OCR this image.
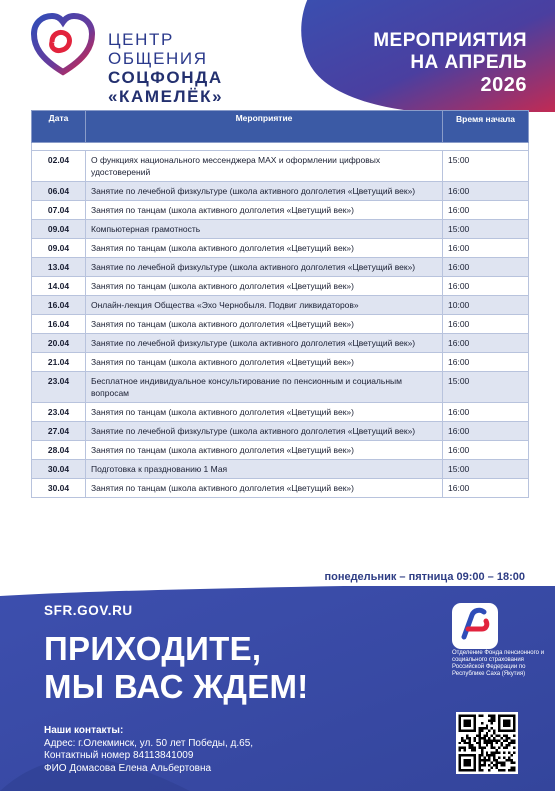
ЦЕНТР
ОБЩЕНИЯ
СОЦФОНДА
«КАМЕЛЁК»
МЕРОПРИЯТИЯ
НА АПРЕЛЬ
2026
Дата	Мероприятие	Время начала

02.04	О функциях национального мессенджера MAX и оформлении цифровых удостоверений	15:00
06.04	Занятие по лечебной физкультуре (школа активного долголетия «Цветущий век»)	16:00
07.04	Занятия по танцам (школа активного долголетия «Цветущий век»)	16:00
09.04	Компьютерная грамотность	15:00
09.04	Занятия по танцам (школа активного долголетия «Цветущий век»)	16:00
13.04	Занятие по лечебной физкультуре (школа активного долголетия «Цветущий век»)	16:00
14.04	Занятия по танцам (школа активного долголетия «Цветущий век»)	16:00
16.04	Онлайн-лекция Общества «Эхо Чернобыля. Подвиг ликвидаторов»	10:00
16.04	Занятия по танцам (школа активного долголетия «Цветущий век»)	16:00
20.04	Занятие по лечебной физкультуре (школа активного долголетия «Цветущий век»)	16:00
21.04	Занятия по танцам (школа активного долголетия «Цветущий век»)	16:00
23.04	Бесплатное индивидуальное консультирование по пенсионным и социальным вопросам	15:00
23.04	Занятия по танцам (школа активного долголетия «Цветущий век»)	16:00
27.04	Занятие по лечебной физкультуре (школа активного долголетия «Цветущий век»)	16:00
28.04	Занятия по танцам (школа активного долголетия «Цветущий век»)	16:00
30.04	Подготовка к празднованию 1 Мая	15:00
30.04	Занятия по танцам (школа активного долголетия «Цветущий век»)	16:00
понедельник – пятница 09:00 – 18:00
SFR.GOV.RU
ПРИХОДИТЕ,
МЫ ВАС ЖДЕМ!
Наши контакты:
Адрес: г.Олекминск, ул. 50 лет Победы, д.65,
Контактный номер 84113841009
ФИО Домасова Елена Альбертовна
Отделение Фонда пенсионного и социального страхования Российской Федерации по Республике Саха (Якутия)
